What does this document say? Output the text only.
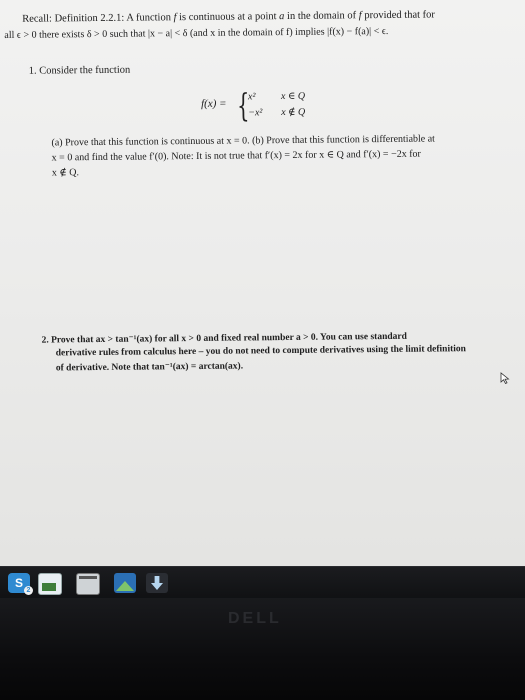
Recall: Definition 2.2.1: A function f is continuous at a point a in the domain of f provided that for
all ϵ > 0 there exists δ > 0 such that |x − a| < δ (and x in the domain of f) implies |f(x) − f(a)| < ϵ.
1. Consider the function
f(x) = {
x²	x ∈ Q
−x² x ∉ Q
(a) Prove that this function is continuous at x = 0. (b) Prove that this function is differentiable at
x = 0 and find the value f′(0). Note: It is not true that f′(x) = 2x for x ∈ Q and f′(x) = −2x for
x ∉ Q.
2. Prove that ax > tan⁻¹(ax) for all x > 0 and fixed real number a > 0. You can use standard
derivative rules from calculus here – you do not need to compute derivatives using the limit definition
of derivative. Note that tan⁻¹(ax) = arctan(ax).
S
2
DELL
